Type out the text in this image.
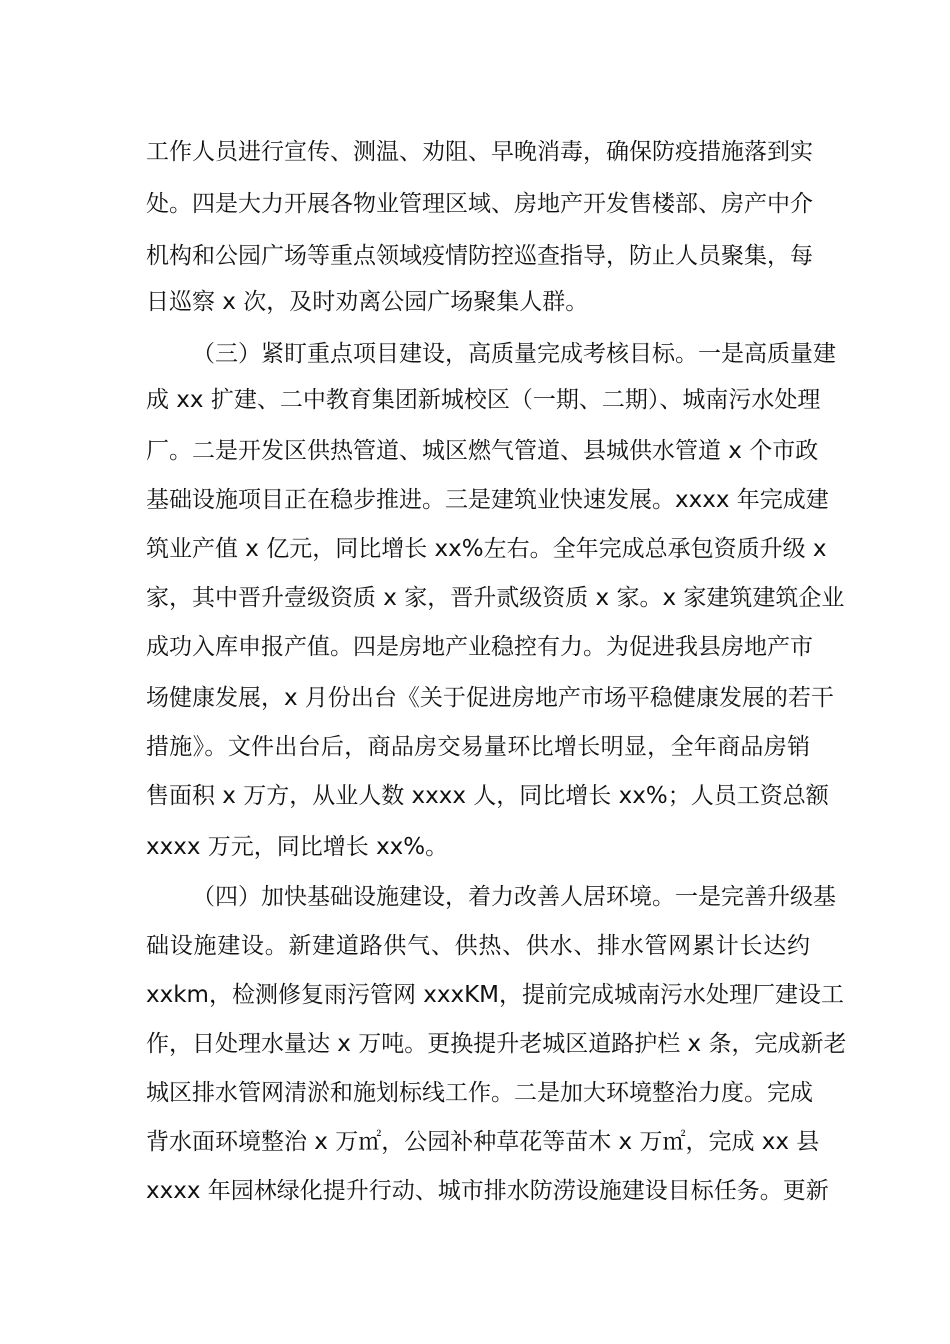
工作人员进行宣传、测温、劝阻、早晚消毒，确保防疫措施落到实
处。四是大力开展各物业管理区域、房地产开发售楼部、房产中介
机构和公园广场等重点领域疫情防控巡查指导，防止人员聚集，每
日巡察 x 次，及时劝离公园广场聚集人群。
（三）紧盯重点项目建设，高质量完成考核目标。一是高质量建
成 xx 扩建、二中教育集团新城校区（一期、二期）、城南污水处理
厂。二是开发区供热管道、城区燃气管道、县城供水管道 x 个市政
基础设施项目正在稳步推进。三是建筑业快速发展。xxxx 年完成建
筑业产值 x 亿元，同比增长 xx%左右。全年完成总承包资质升级 x
家，其中晋升壹级资质 x 家，晋升贰级资质 x 家。x 家建筑建筑企业
成功入库申报产值。四是房地产业稳控有力。为促进我县房地产市
场健康发展，x 月份出台《关于促进房地产市场平稳健康发展的若干
措施》。文件出台后，商品房交易量环比增长明显，全年商品房销
售面积 x 万方，从业人数 xxxx 人，同比增长 xx%；人员工资总额
xxxx 万元，同比增长 xx%。
（四）加快基础设施建设，着力改善人居环境。一是完善升级基
础设施建设。新建道路供气、供热、供水、排水管网累计长达约
xxkm，检测修复雨污管网 xxxKM，提前完成城南污水处理厂建设工
作，日处理水量达 x 万吨。更换提升老城区道路护栏 x 条，完成新老
城区排水管网清淤和施划标线工作。二是加大环境整治力度。完成
背水面环境整治 x 万㎡，公园补种草花等苗木 x 万㎡，完成 xx 县
xxxx 年园林绿化提升行动、城市排水防涝设施建设目标任务。更新
